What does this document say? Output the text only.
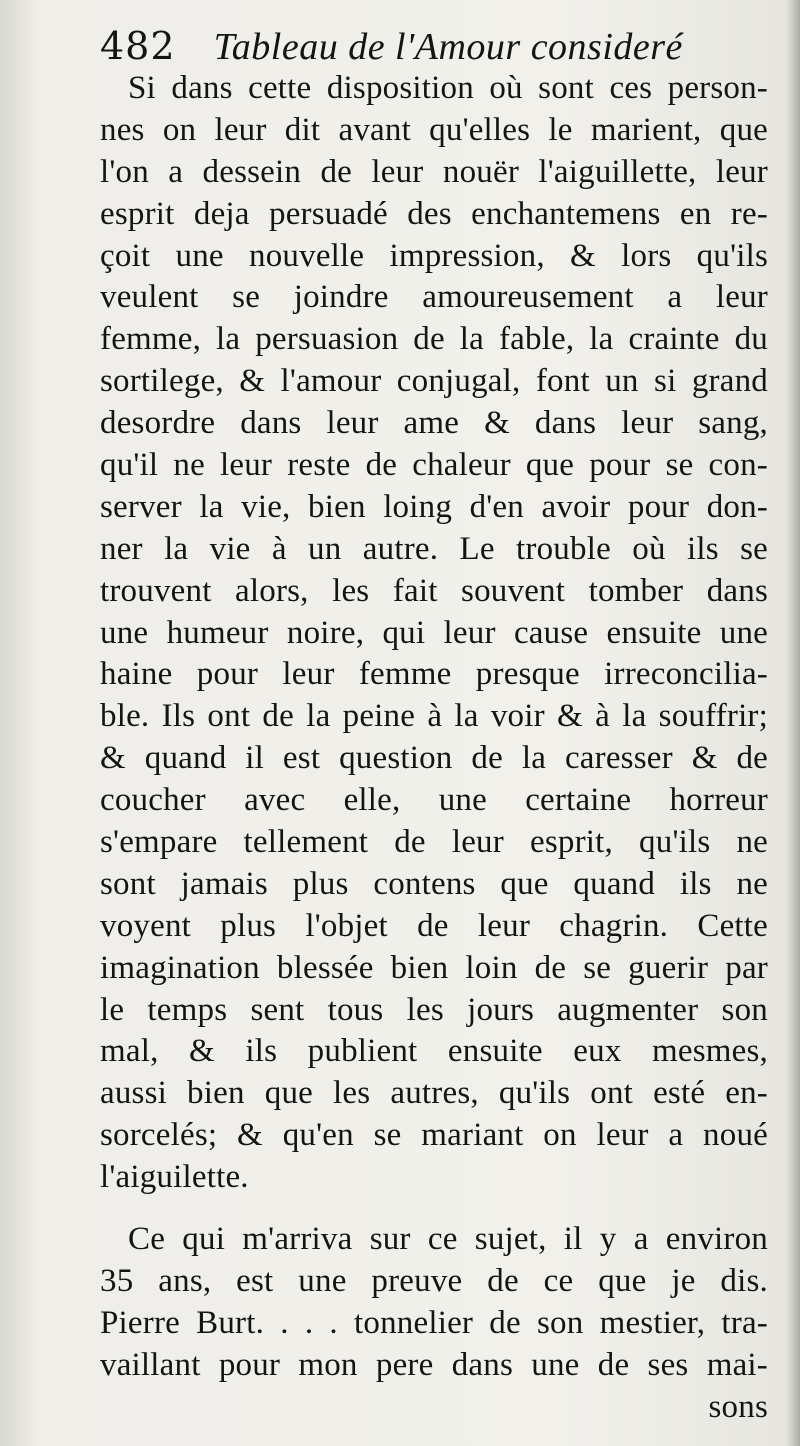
482 Tableau de l'Amour consideré
Si dans cette disposition où sont ces person-
nes on leur dit avant qu'elles le marient, que
l'on a dessein de leur nouër l'aiguillette, leur
esprit deja persuadé des enchantemens en re-
çoit une nouvelle impression, & lors qu'ils
veulent se joindre amoureusement a leur
femme, la persuasion de la fable, la crainte du
sortilege, & l'amour conjugal, font un si grand
desordre dans leur ame & dans leur sang,
qu'il ne leur reste de chaleur que pour se con-
server la vie, bien loing d'en avoir pour don-
ner la vie à un autre. Le trouble où ils se
trouvent alors, les fait souvent tomber dans
une humeur noire, qui leur cause ensuite une
haine pour leur femme presque irreconcilia-
ble. Ils ont de la peine à la voir & à la souffrir;
& quand il est question de la caresser & de
coucher avec elle, une certaine horreur
s'empare tellement de leur esprit, qu'ils ne
sont jamais plus contens que quand ils ne
voyent plus l'objet de leur chagrin. Cette
imagination blessée bien loin de se guerir par
le temps sent tous les jours augmenter son
mal, & ils publient ensuite eux mesmes,
aussi bien que les autres, qu'ils ont esté en-
sorcelés; & qu'en se mariant on leur a noué
l'aiguilette.
Ce qui m'arriva sur ce sujet, il y a environ
35 ans, est une preuve de ce que je dis.
Pierre Burt. . . . tonnelier de son mestier, tra-
vaillant pour mon pere dans une de ses mai-
sons
